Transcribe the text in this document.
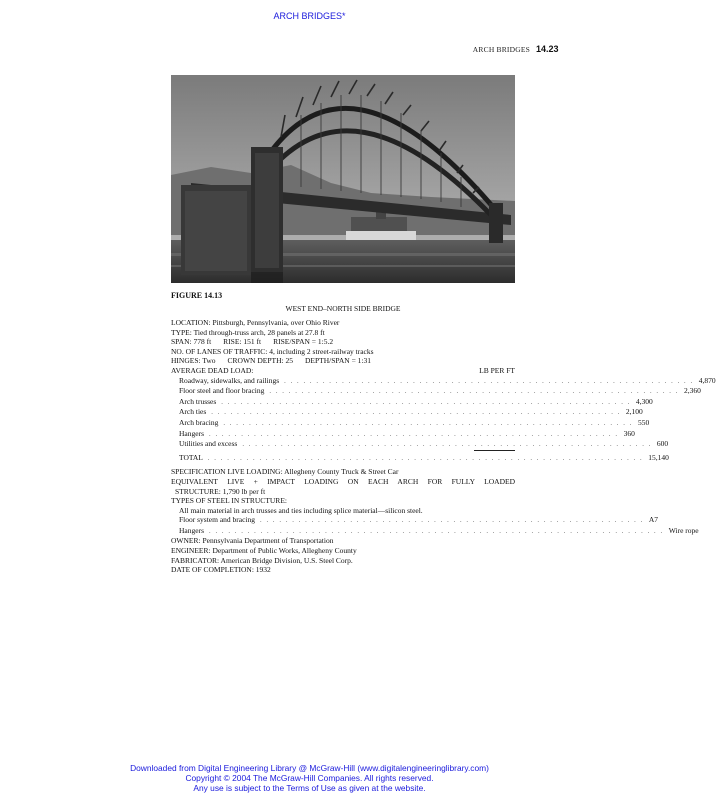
ARCH BRIDGES*
ARCH BRIDGES 14.23
FIGURE 14.13
WEST END–NORTH SIDE BRIDGE
LOCATION: Pittsburgh, Pennsylvania, over Ohio River
TYPE: Tied through-truss arch, 28 panels at 27.8 ft
SPAN: 778 ft RISE: 151 ft RISE/SPAN = 1:5.2
NO. OF LANES OF TRAFFIC: 4, including 2 street-railway tracks
HINGES: Two CROWN DEPTH: 25 DEPTH/SPAN = 1:31
AVERAGE DEAD LOAD:	LB PER FT
Roadway, sidewalks, and railings . . . . . . . . . . . . . . . . . . . . . . . . . . . . . . . . . . . . . . . . . . . . . . . . . . . . . . . . . . . . . . . . 4,870
Floor steel and floor bracing . . . . . . . . . . . . . . . . . . . . . . . . . . . . . . . . . . . . . . . . . . . . . . . . . . . . . . . . . . . . . . . . 2,360
Arch trusses . . . . . . . . . . . . . . . . . . . . . . . . . . . . . . . . . . . . . . . . . . . . . . . . . . . . . . . . . . . . . . . . 4,300
Arch ties . . . . . . . . . . . . . . . . . . . . . . . . . . . . . . . . . . . . . . . . . . . . . . . . . . . . . . . . . . . . . . . . 2,100
Arch bracing . . . . . . . . . . . . . . . . . . . . . . . . . . . . . . . . . . . . . . . . . . . . . . . . . . . . . . . . . . . . . . . . 550
Hangers . . . . . . . . . . . . . . . . . . . . . . . . . . . . . . . . . . . . . . . . . . . . . . . . . . . . . . . . . . . . . . . . 360
Utilities and excess . . . . . . . . . . . . . . . . . . . . . . . . . . . . . . . . . . . . . . . . . . . . . . . . . . . . . . . . . . . . . . . . 600
TOTAL . . . . . . . . . . . . . . . . . . . . . . . . . . . . . . . . . . . . . . . . . . . . . . . . . . . . . . . . . . . . . . . . . . . . 15,140
SPECIFICATION LIVE LOADING: Allegheny County Truck & Street Car
EQUIVALENT LIVE + IMPACT LOADING ON EACH ARCH FOR FULLY LOADED
STRUCTURE: 1,790 lb per ft
TYPES OF STEEL IN STRUCTURE:
All main material in arch trusses and ties including splice material—silicon steel.
Floor system and bracing . . . . . . . . . . . . . . . . . . . . . . . . . . . . . . . . . . . . . . . . . . . . . . . . . . . . . . . . . . . . A7
Hangers . . . . . . . . . . . . . . . . . . . . . . . . . . . . . . . . . . . . . . . . . . . . . . . . . . . . . . . . . . . . . . . . . . . . . . . Wire rope
OWNER: Pennsylvania Department of Transportation
ENGINEER: Department of Public Works, Allegheny County
FABRICATOR: American Bridge Division, U.S. Steel Corp.
DATE OF COMPLETION: 1932
Downloaded from Digital Engineering Library @ McGraw-Hill (www.digitalengineeringlibrary.com)
Copyright © 2004 The McGraw-Hill Companies. All rights reserved.
Any use is subject to the Terms of Use as given at the website.
